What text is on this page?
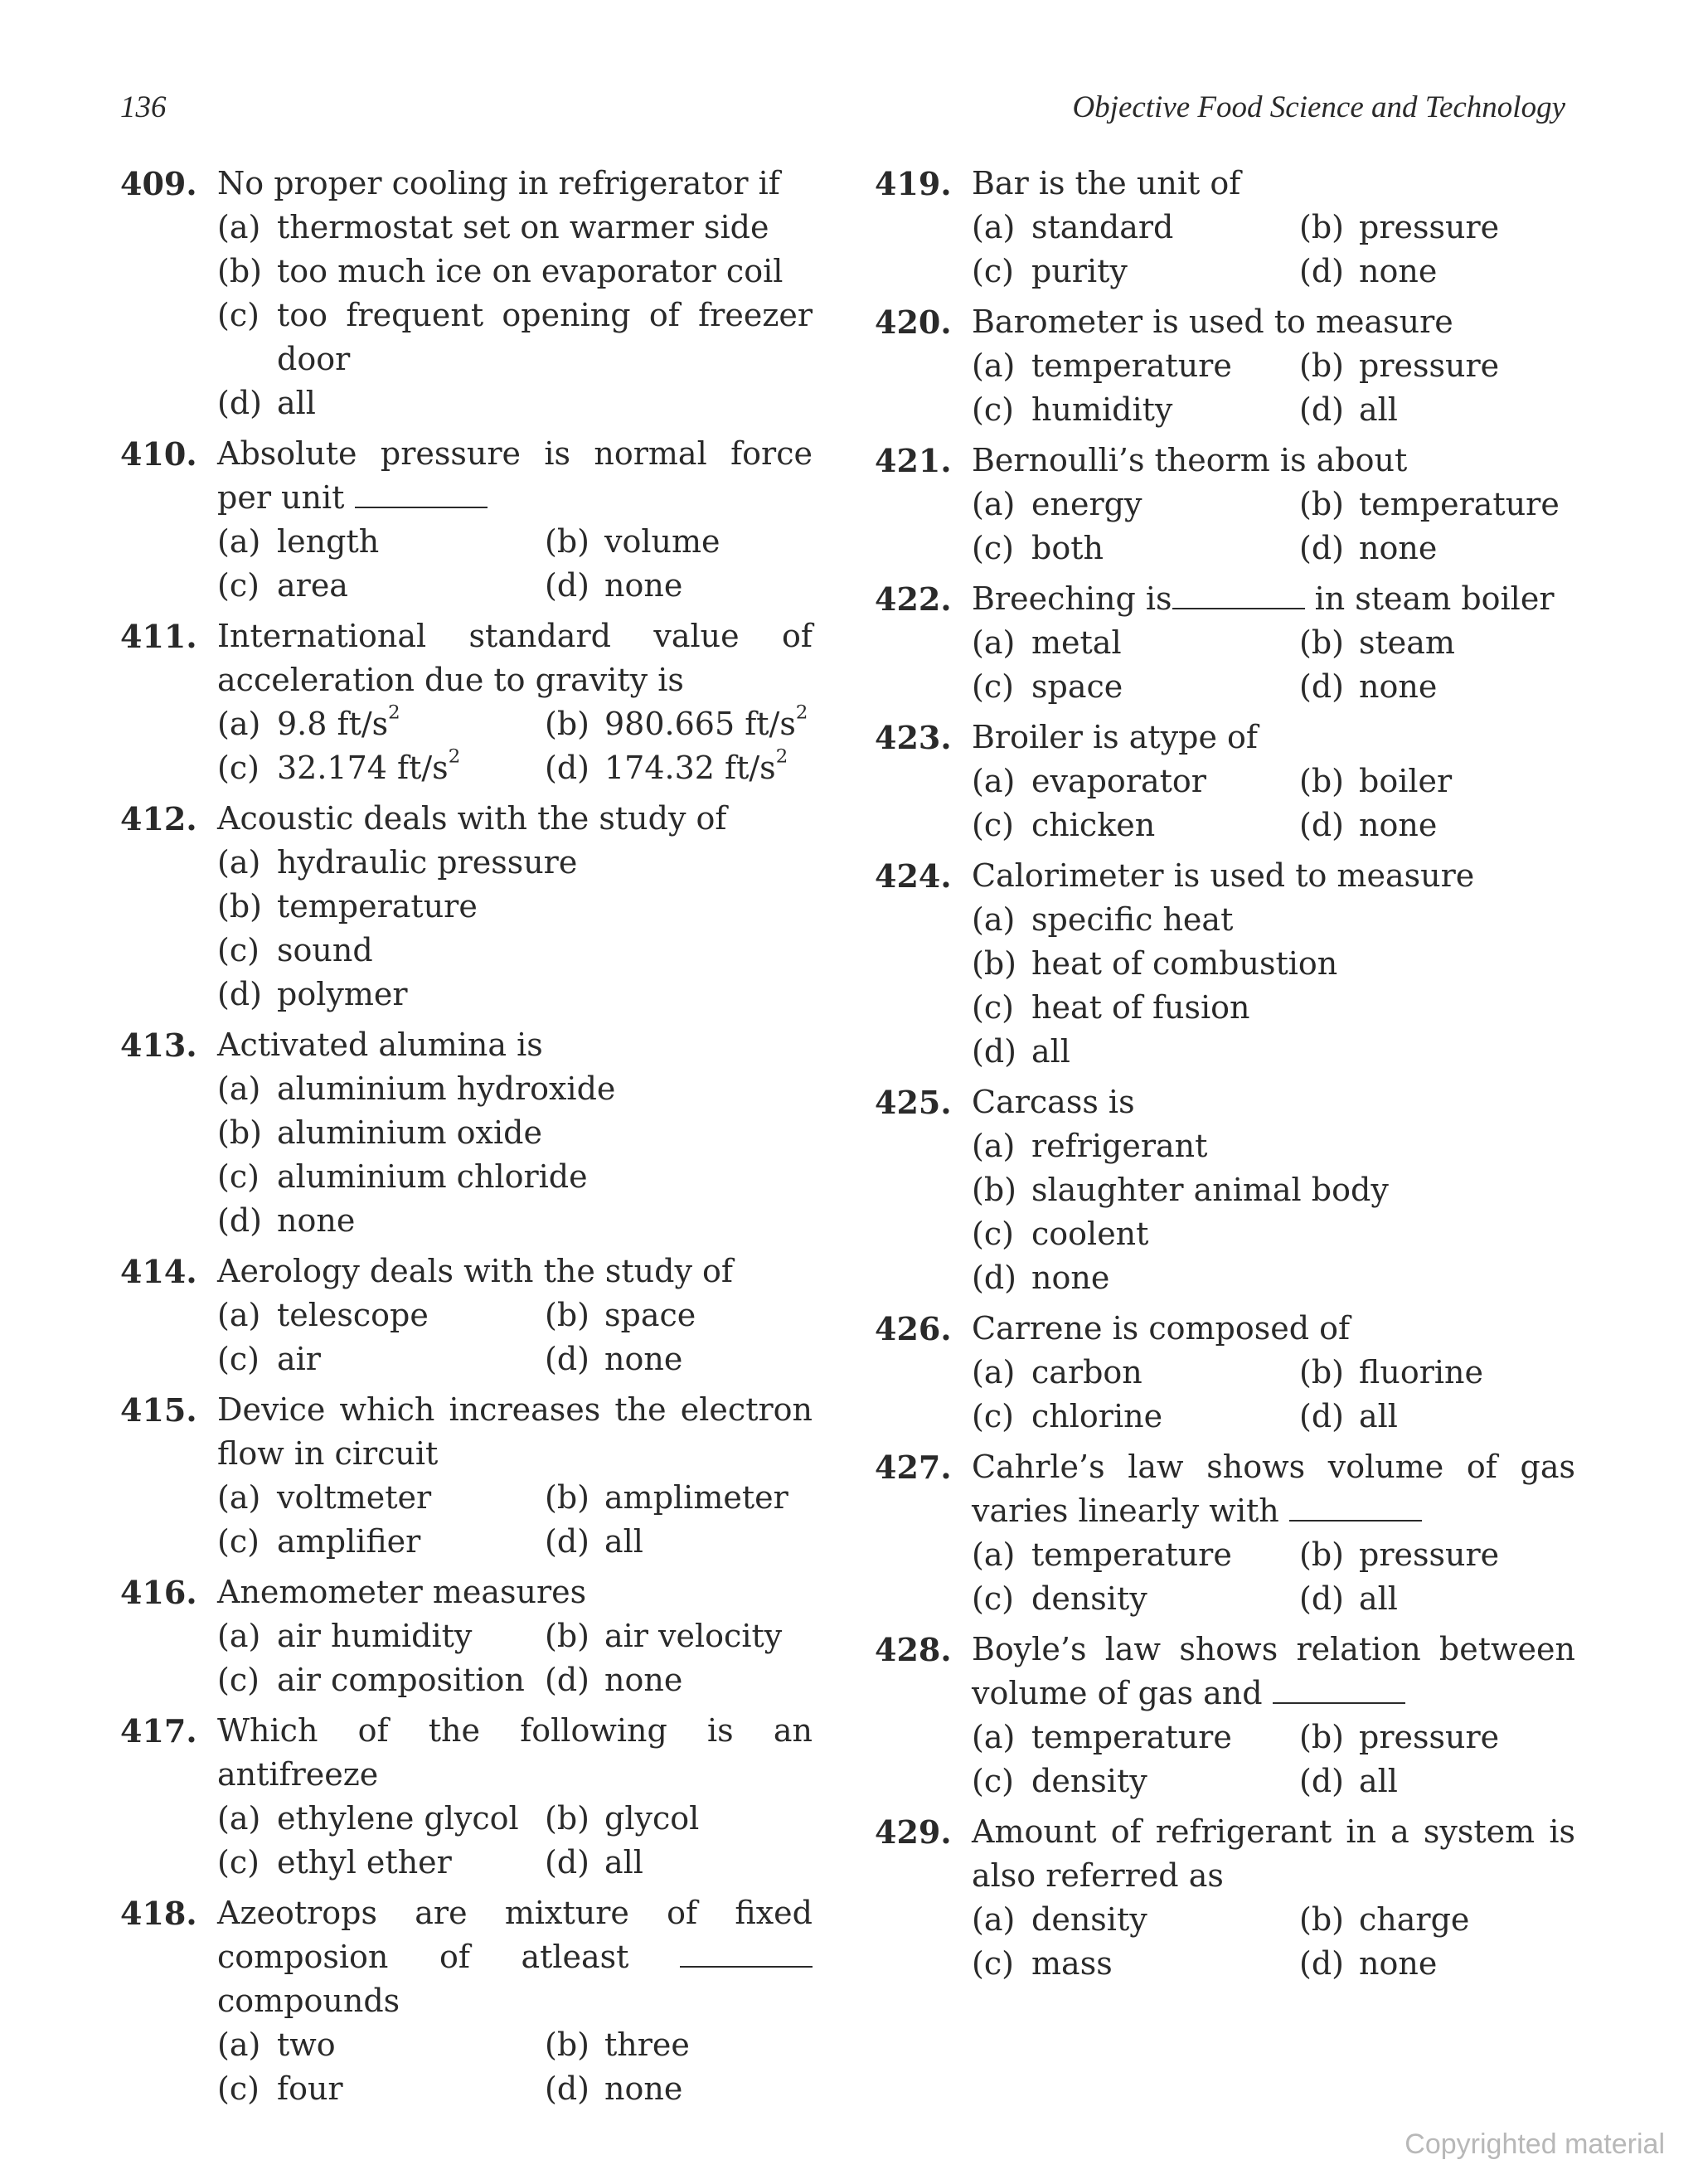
136	Objective Food Science and Technology
409. No proper cooling in refrigerator if
(a) thermostat set on warmer side
(b) too much ice on evaporator coil
(c) too frequent opening of freezer door
(d) all
410. Absolute pressure is normal force per unit
(a) length	(b) volume
(c) area	(d) none
411. International standard value of acceleration due to gravity is
(a) 9.8 $ft/s^2$	(b) 980.665 $ft/s^2$
(c) 32.174 $ft/s^2$	(d) 174.32 $ft/s^2$
412. Acoustic deals with the study of
(a) hydraulic pressure
(b) temperature
(c) sound
(d) polymer
413. Activated alumina is
(a) aluminium hydroxide
(b) aluminium oxide
(c) aluminium chloride
(d) none
414. Aerology deals with the study of
(a) telescope	(b) space
(c) air	(d) none
415. Device which increases the electron flow in circuit
(a) voltmeter	(b) amplimeter
(c) amplifier	(d) all
416. Anemometer measures
(a) air humidity	(b) air velocity
(c) air composition (d) none
417. Which of the following is an antifreeze
(a) ethylene glycol (b) glycol
(c) ethyl ether	(d) all
418. Azeotrops are mixture of fixed composion of atleast  compounds
(a) two	(b) three
(c) four	(d) none
419. Bar is the unit of
(a) standard	(b) pressure
(c) purity	(d) none
420. Barometer is used to measure
(a) temperature	(b) pressure
(c) humidity	(d) all
421. Bernoulli’s theorm is about
(a) energy	(b) temperature
(c) both	(d) none
422. Breeching is	in steam boiler
(a) metal	(b) steam
(c) space	(d) none
423. Broiler is atype of
(a) evaporator	(b) boiler
(c) chicken	(d) none
424. Calorimeter is used to measure
(a) specific heat
(b) heat of combustion
(c) heat of fusion
(d) all
425. Carcass is
(a) refrigerant
(b) slaughter animal body
(c) coolent
(d) none
426. Carrene is composed of
(a) carbon	(b) fluorine
(c) chlorine	(d) all
427. Cahrle’s law shows volume of gas varies linearly with
(a) temperature	(b) pressure
(c) density	(d) all
428. Boyle’s law shows relation between volume of gas and
(a) temperature	(b) pressure
(c) density	(d) all
429. Amount of refrigerant in a system is also referred as
(a) density	(b) charge
(c) mass	(d) none
Copyrighted material
